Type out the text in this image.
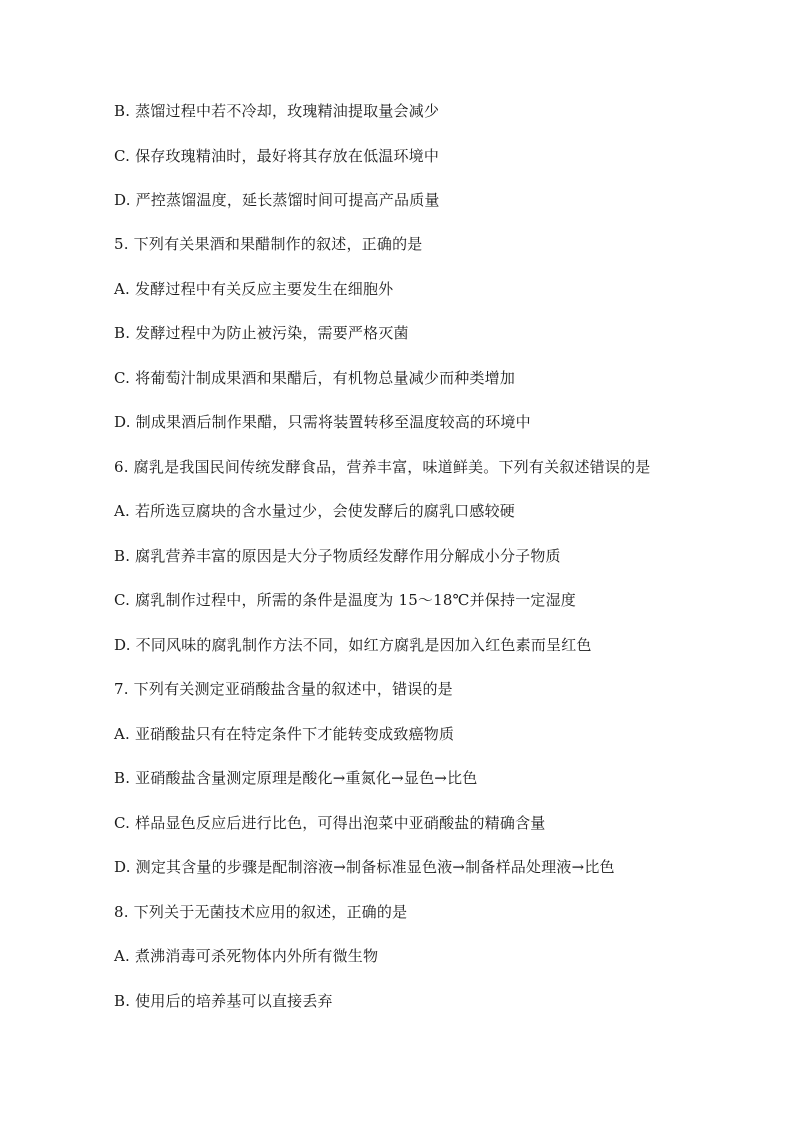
B. 蒸馏过程中若不冷却，玫瑰精油提取量会减少
C. 保存玫瑰精油时，最好将其存放在低温环境中
D. 严控蒸馏温度，延长蒸馏时间可提高产品质量
5. 下列有关果酒和果醋制作的叙述，正确的是
A. 发酵过程中有关反应主要发生在细胞外
B. 发酵过程中为防止被污染，需要严格灭菌
C. 将葡萄汁制成果酒和果醋后，有机物总量减少而种类增加
D. 制成果酒后制作果醋，只需将装置转移至温度较高的环境中
6. 腐乳是我国民间传统发酵食品，营养丰富，味道鲜美。下列有关叙述错误的是
A. 若所选豆腐块的含水量过少，会使发酵后的腐乳口感较硬
B. 腐乳营养丰富的原因是大分子物质经发酵作用分解成小分子物质
C. 腐乳制作过程中，所需的条件是温度为 15～18℃并保持一定湿度
D. 不同风味的腐乳制作方法不同，如红方腐乳是因加入红色素而呈红色
7. 下列有关测定亚硝酸盐含量的叙述中，错误的是
A. 亚硝酸盐只有在特定条件下才能转变成致癌物质
B. 亚硝酸盐含量测定原理是酸化→重氮化→显色→比色
C. 样品显色反应后进行比色，可得出泡菜中亚硝酸盐的精确含量
D. 测定其含量的步骤是配制溶液→制备标准显色液→制备样品处理液→比色
8. 下列关于无菌技术应用的叙述，正确的是
A. 煮沸消毒可杀死物体内外所有微生物
B. 使用后的培养基可以直接丢弃
